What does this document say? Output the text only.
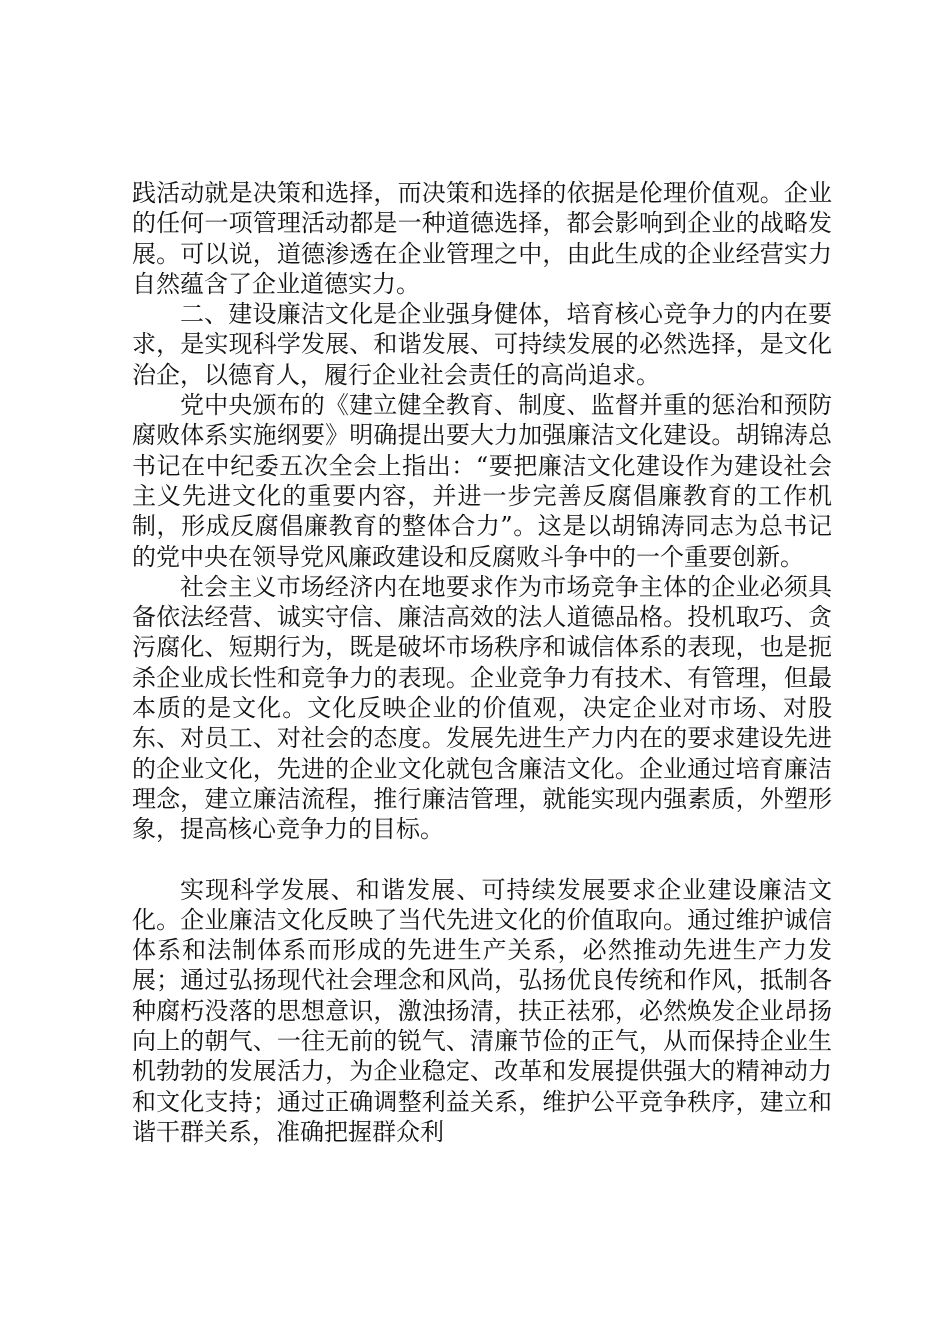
践活动就是决策和选择，而决策和选择的依据是伦理价值观。企业的任何一项管理活动都是一种道德选择，都会影响到企业的战略发展。可以说，道德渗透在企业管理之中，由此生成的企业经营实力自然蕴含了企业道德实力。

二、建设廉洁文化是企业强身健体，培育核心竞争力的内在要求，是实现科学发展、和谐发展、可持续发展的必然选择，是文化治企，以德育人，履行企业社会责任的高尚追求。

党中央颁布的《建立健全教育、制度、监督并重的惩治和预防腐败体系实施纲要》明确提出要大力加强廉洁文化建设。胡锦涛总书记在中纪委五次全会上指出：“要把廉洁文化建设作为建设社会主义先进文化的重要内容，并进一步完善反腐倡廉教育的工作机制，形成反腐倡廉教育的整体合力”。这是以胡锦涛同志为总书记的党中央在领导党风廉政建设和反腐败斗争中的一个重要创新。

社会主义市场经济内在地要求作为市场竞争主体的企业必须具备依法经营、诚实守信、廉洁高效的法人道德品格。投机取巧、贪污腐化、短期行为，既是破坏市场秩序和诚信体系的表现，也是扼杀企业成长性和竞争力的表现。企业竞争力有技术、有管理，但最本质的是文化。文化反映企业的价值观，决定企业对市场、对股东、对员工、对社会的态度。发展先进生产力内在的要求建设先进的企业文化，先进的企业文化就包含廉洁文化。企业通过培育廉洁理念，建立廉洁流程，推行廉洁管理，就能实现内强素质，外塑形象，提高核心竞争力的目标。

实现科学发展、和谐发展、可持续发展要求企业建设廉洁文化。企业廉洁文化反映了当代先进文化的价值取向。通过维护诚信体系和法制体系而形成的先进生产关系，必然推动先进生产力发展；通过弘扬现代社会理念和风尚，弘扬优良传统和作风，抵制各种腐朽没落的思想意识，激浊扬清，扶正祛邪，必然焕发企业昂扬向上的朝气、一往无前的锐气、清廉节俭的正气，从而保持企业生机勃勃的发展活力，为企业稳定、改革和发展提供强大的精神动力和文化支持；通过正确调整利益关系，维护公平竞争秩序，建立和谐干群关系，准确把握群众利
